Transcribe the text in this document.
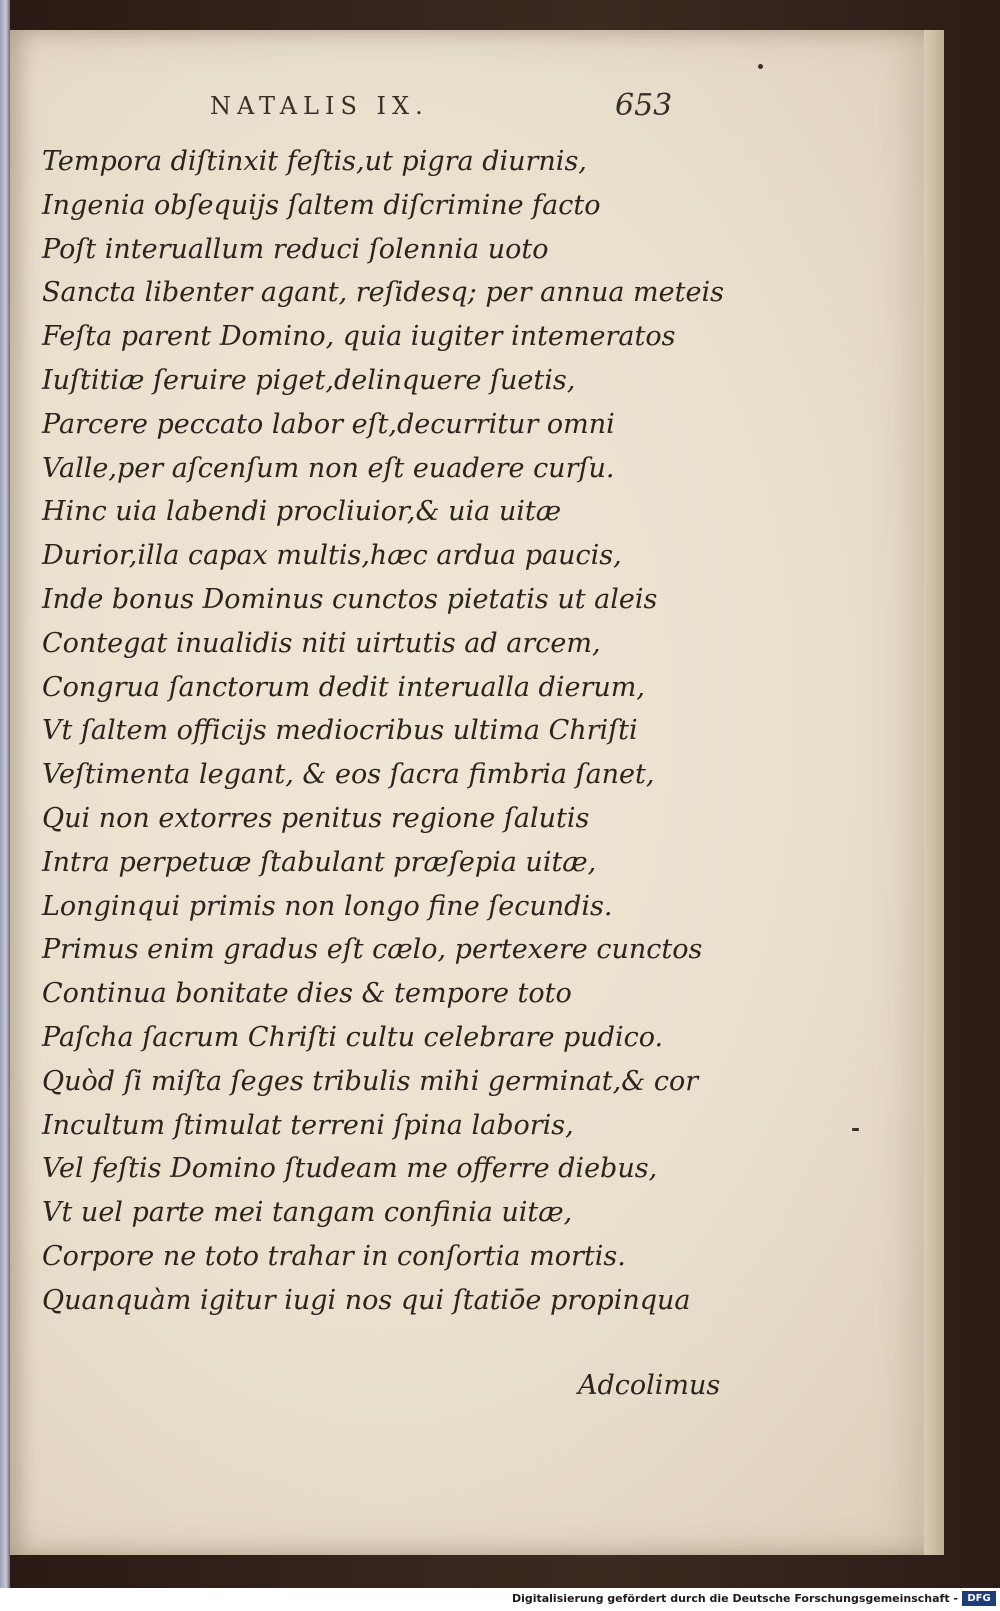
NATALIS IX.	653
Tempora diſtinxit feſtis,ut pigra diurnis,
Ingenia obſequijs ſaltem diſcrimine facto
Poſt interuallum reduci ſolennia uoto
Sancta libenter agant, reſidesq; per annua meteis
Feſta parent Domino, quia iugiter intemeratos
Iuſtitiæ ſeruire piget,delinquere ſuetis,
Parcere peccato labor eſt,decurritur omni
Valle,per aſcenſum non eſt euadere curſu.
Hinc uia labendi procliuior,& uia uitæ
Durior,illa capax multis,hæc ardua paucis,
Inde bonus Dominus cunctos pietatis ut aleis
Contegat inualidis niti uirtutis ad arcem,
Congrua ſanctorum dedit interualla dierum,
Vt ſaltem officijs mediocribus ultima Chriſti
Veſtimenta legant, & eos ſacra fimbria ſanet,
Qui non extorres penitus regione ſalutis
Intra perpetuæ ſtabulant præſepia uitæ,
Longinqui primis non longo fine ſecundis.
Primus enim gradus eſt cælo, pertexere cunctos
Continua bonitate dies & tempore toto
Paſcha ſacrum Chriſti cultu celebrare pudico.
Quòd ſi miſta ſeges tribulis mihi germinat,& cor
Incultum ſtimulat terreni ſpina laboris,
Vel feſtis Domino ſtudeam me offerre diebus,
Vt uel parte mei tangam confinia uitæ,
Corpore ne toto trahar in conſortia mortis.
Quanquàm igitur iugi nos qui ſtatiōe propinqua
Adcolimus
Digitalisierung gefördert durch die Deutsche Forschungsgemeinschaft - DFG
